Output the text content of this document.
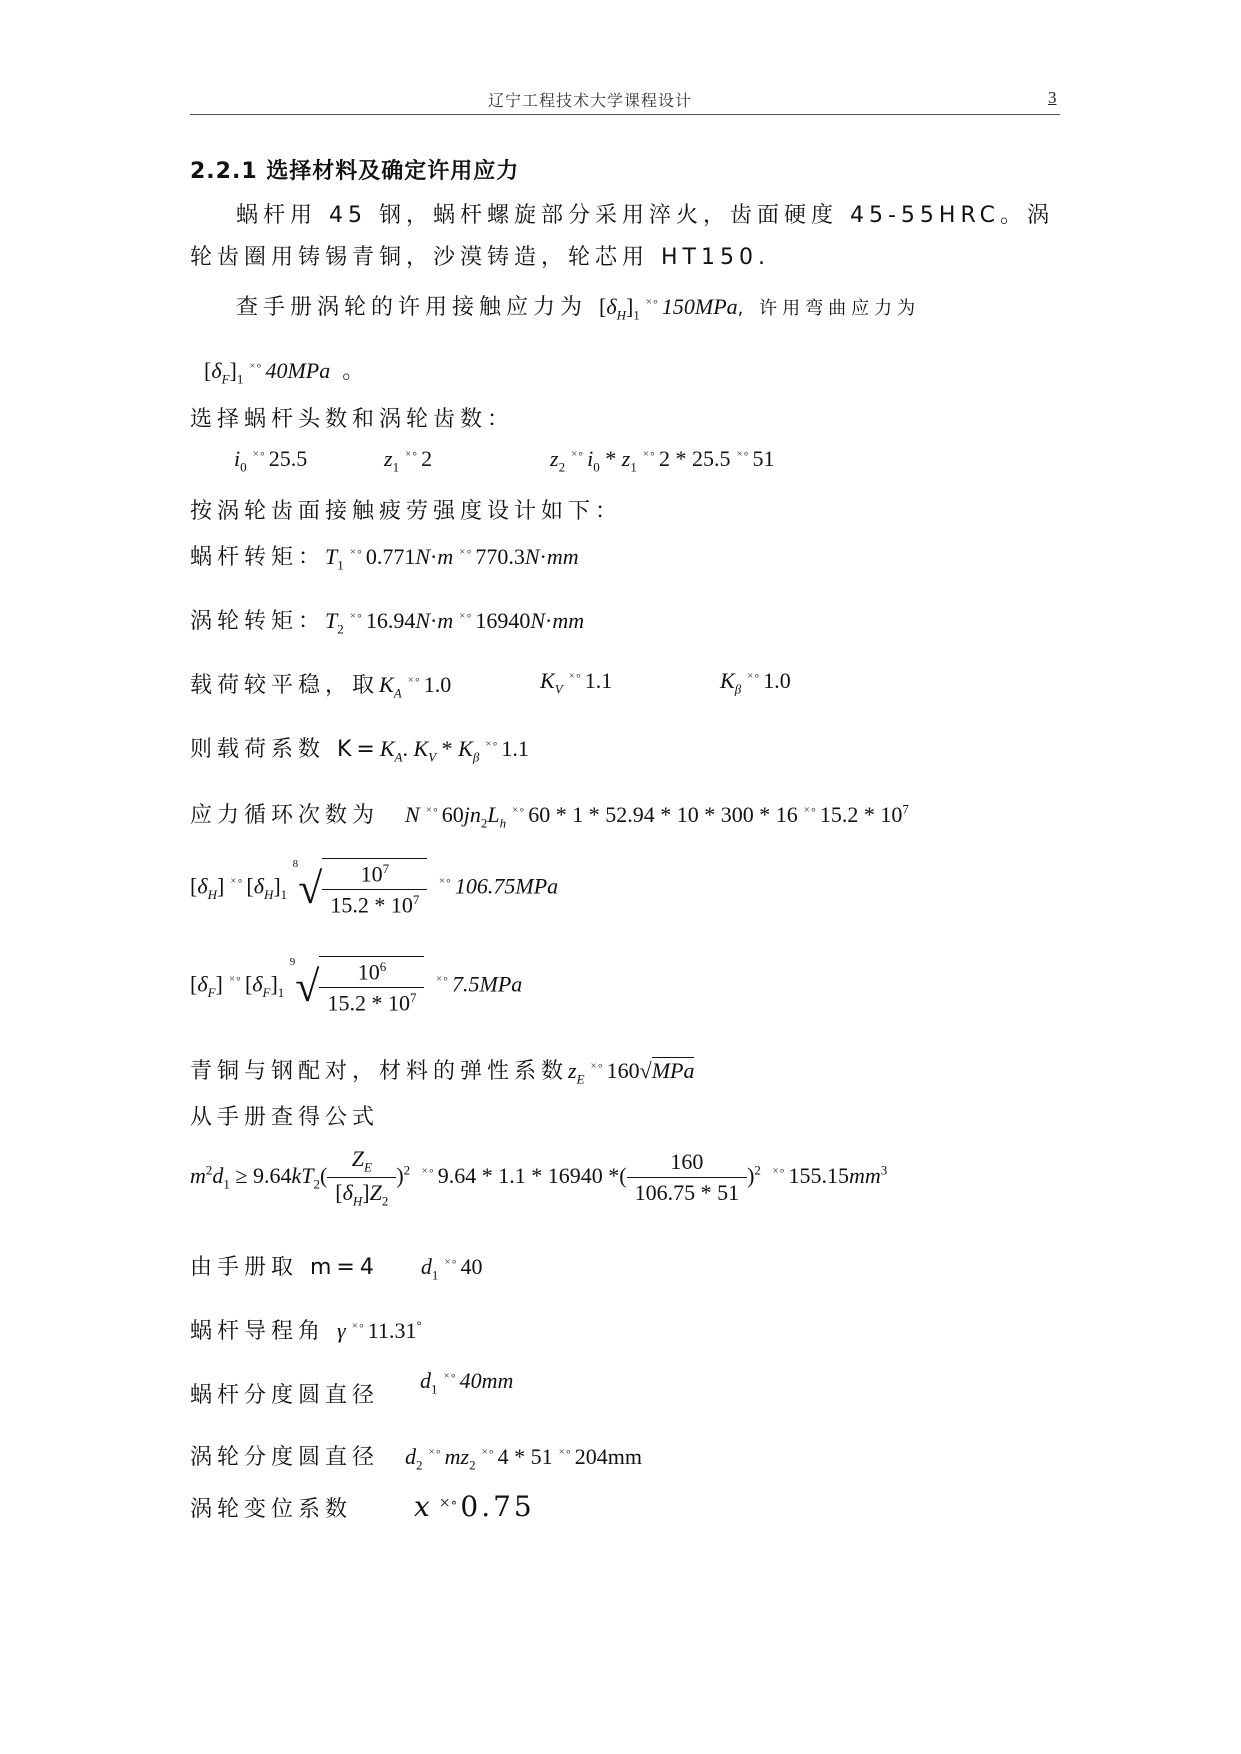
辽宁工程技术大学课程设计	3
2.2.1 选择材料及确定许用应力
蜗杆用 45 钢，蜗杆螺旋部分采用淬火，齿面硬度 45-55HRC。涡
轮齿圈用铸锡青铜，沙漠铸造，轮芯用 HT150.
查手册涡轮的许用接触应力为 $[\delta_H]_1^{\times\circ}$ 150MPa, 许用弯曲应力为
$[\delta_F]_1^{\times\circ}$ 40MPa 。
选择蜗杆头数和涡轮齿数：
$i_0^{\times\circ}$ 25.5	$z_1^{\times\circ}$ 2	$z_2^{\times\circ}$ $i_0 * z_1^{\times\circ}$ 2 * 25.5 ×∘ 51
按涡轮齿面接触疲劳强度设计如下：
蜗杆转矩：$T_1^{\times\circ}$ 0.771N·m ×∘ 770.3N·mm
涡轮转矩：$T_2^{\times\circ}$ 16.94N·m ×∘ 16940N·mm
载荷较平稳，取$K_A^{\times\circ}$ 1.0	$K_V^{\times\circ}$ 1.1	$K_\beta^{\times\circ}$ 1.0
则载荷系数 $K=K_A$. $K_V * K_\beta^{\times\circ}$ 1.1
应力循环次数为 N ×∘ $60jn_2L_h^{\times\circ}$ 60 * 1 * 52.94 * 10 * 300 * 16 ×∘ $15.2 * 10^7$
$[\delta_H]$ ×∘ $[\delta_H]_1$ $^8√ \frac{10^7}{15.2 * 10^7} ^{\times\circ}$ 106.75MPa
$[\delta_F]$ ×∘ $[\delta_F]_1$ $^9√ \frac{10^6}{15.2 * 10^7} ^{\times\circ}$ 7.5MPa
青铜与钢配对，材料的弹性系数$z_E^{\times\circ}$ 160√MPa
从手册查得公式
$m^2d_1 \ge 9.64kT_2( \frac{Z_E}{[\delta_H]Z_2} )^2$ ×∘ 9.64 * 1.1 * 16940 *( $\frac{160}{106.75 * 51} )^2$ ×∘ $155.15mm^3$
由手册取 m=4 $d_1^{\times\circ}$ 40
蜗杆导程角 γ ×∘ 11.31°
蜗杆分度圆直径
$d_1^{\times\circ}$ 40mm
涡轮分度圆直径 $d_2^{\times\circ}$ $mz_2^{\times\circ}$ 4 * 51 ×∘ 204mm
涡轮变位系数 x ×∘ 0.75
